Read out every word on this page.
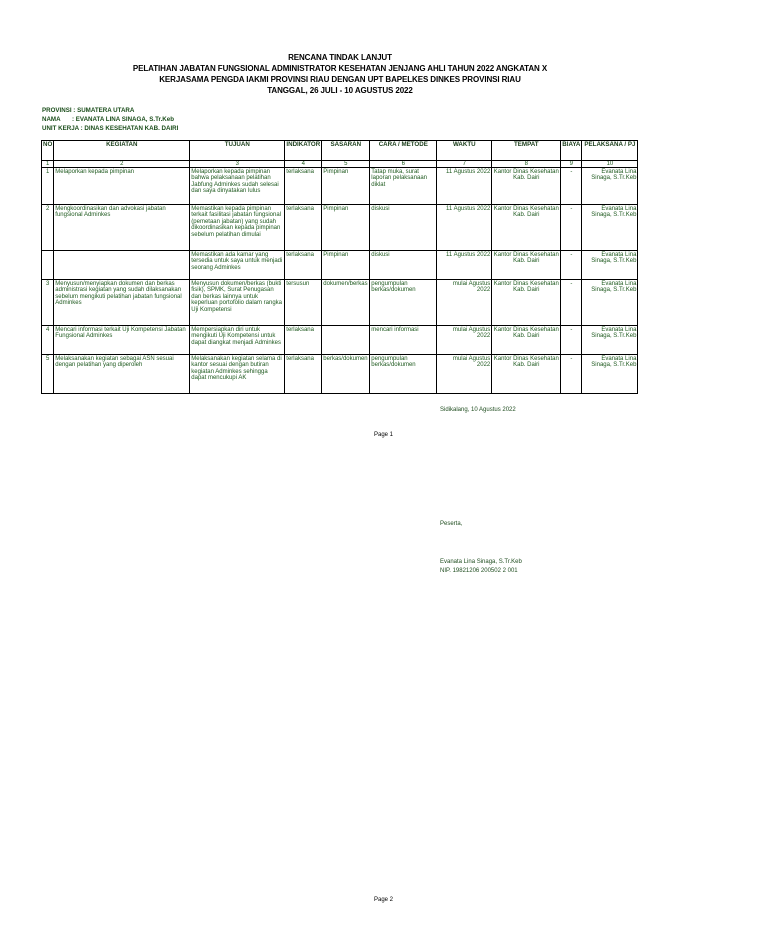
RENCANA TINDAK LANJUT
PELATIHAN JABATAN FUNGSIONAL ADMINISTRATOR KESEHATAN JENJANG AHLI TAHUN 2022 ANGKATAN X
KERJASAMA PENGDA IAKMI PROVINSI RIAU DENGAN UPT BAPELKES DINKES PROVINSI RIAU
TANGGAL, 26 JULI - 10 AGUSTUS 2022
PROVINSI : SUMATERA UTARA
NAMA : EVANATA LINA SINAGA, S.Tr.Keb
UNIT KERJA : DINAS KESEHATAN KAB. DAIRI
NO	KEGIATAN	TUJUAN	INDIKATOR	SASARAN	CARA / METODE	WAKTU	TEMPAT	BIAYA	PELAKSANA / PJ
1	2	3	4	5	6	7	8	9	10
1	Melaporkan kepada pimpinan	Melaporkan kepada pimpinan bahwa pelaksanaan pelatihan Jabfung Adminkes sudah selesai dan saya dinyatakan lulus	terlaksana	Pimpinan	Tatap muka, surat laporan pelaksanaan diklat	11 Agustus 2022	Kantor Dinas Kesehatan Kab. Dairi	-	Evanata Lina Sinaga, S.Tr.Keb
2	Mengkoordinasikan dan advokasi jabatan fungsional Adminkes	Memastikan kepada pimpinan terkait fasilitasi jabatan fungsional (pemetaan jabatan) yang sudah dikoordinasikan kepada pimpinan sebelum pelatihan dimulai	terlaksana	Pimpinan	diskusi	11 Agustus 2022	Kantor Dinas Kesehatan Kab. Dairi	-	Evanata Lina Sinaga, S.Tr.Keb
		Memastikan ada kamar yang tersedia untuk saya untuk menjadi seorang Adminkes	terlaksana	Pimpinan	diskusi	11 Agustus 2022	Kantor Dinas Kesehatan Kab. Dairi	-	Evanata Lina Sinaga, S.Tr.Keb
3	Menyusun/menyiapkan dokumen dan berkas administrasi kegiatan yang sudah dilaksanakan sebelum mengikuti pelatihan jabatan fungsional Adminkes	Menyusun dokumen/berkas (bukti fisik), SPMK, Surat Penugasan dan berkas lainnya untuk keperluan portofolio dalam rangka Uji Kompetensi	tersusun	dokumen/berkas	pengumpulan berkas/dokumen	mulai Agustus 2022	Kantor Dinas Kesehatan Kab. Dairi	-	Evanata Lina Sinaga, S.Tr.Keb
4	Mencari informasi terkait Uji Kompetensi Jabatan Fungsional Adminkes	Mempersiapkan diri untuk mengikuti Uji Kompetensi untuk dapat diangkat menjadi Adminkes	terlaksana		mencari informasi	mulai Agustus 2022	Kantor Dinas Kesehatan Kab. Dairi	-	Evanata Lina Sinaga, S.Tr.Keb
5	Melaksanakan kegiatan sebagai ASN sesuai dengan pelatihan yang diperoleh	Melaksanakan kegiatan selama di kantor sesuai dengan butiran kegiatan Adminkes sehingga dapat mencukupi AK	terlaksana	berkas/dokumen	pengumpulan berkas/dokumen	mulai Agustus 2022	Kantor Dinas Kesehatan Kab. Dairi	-	Evanata Lina Sinaga, S.Tr.Keb
Sidikalang, 10 Agustus 2022
Page 1
Peserta,
Evanata Lina Sinaga, S.Tr.Keb
NIP. 19821206 200502 2 001
Page 2
